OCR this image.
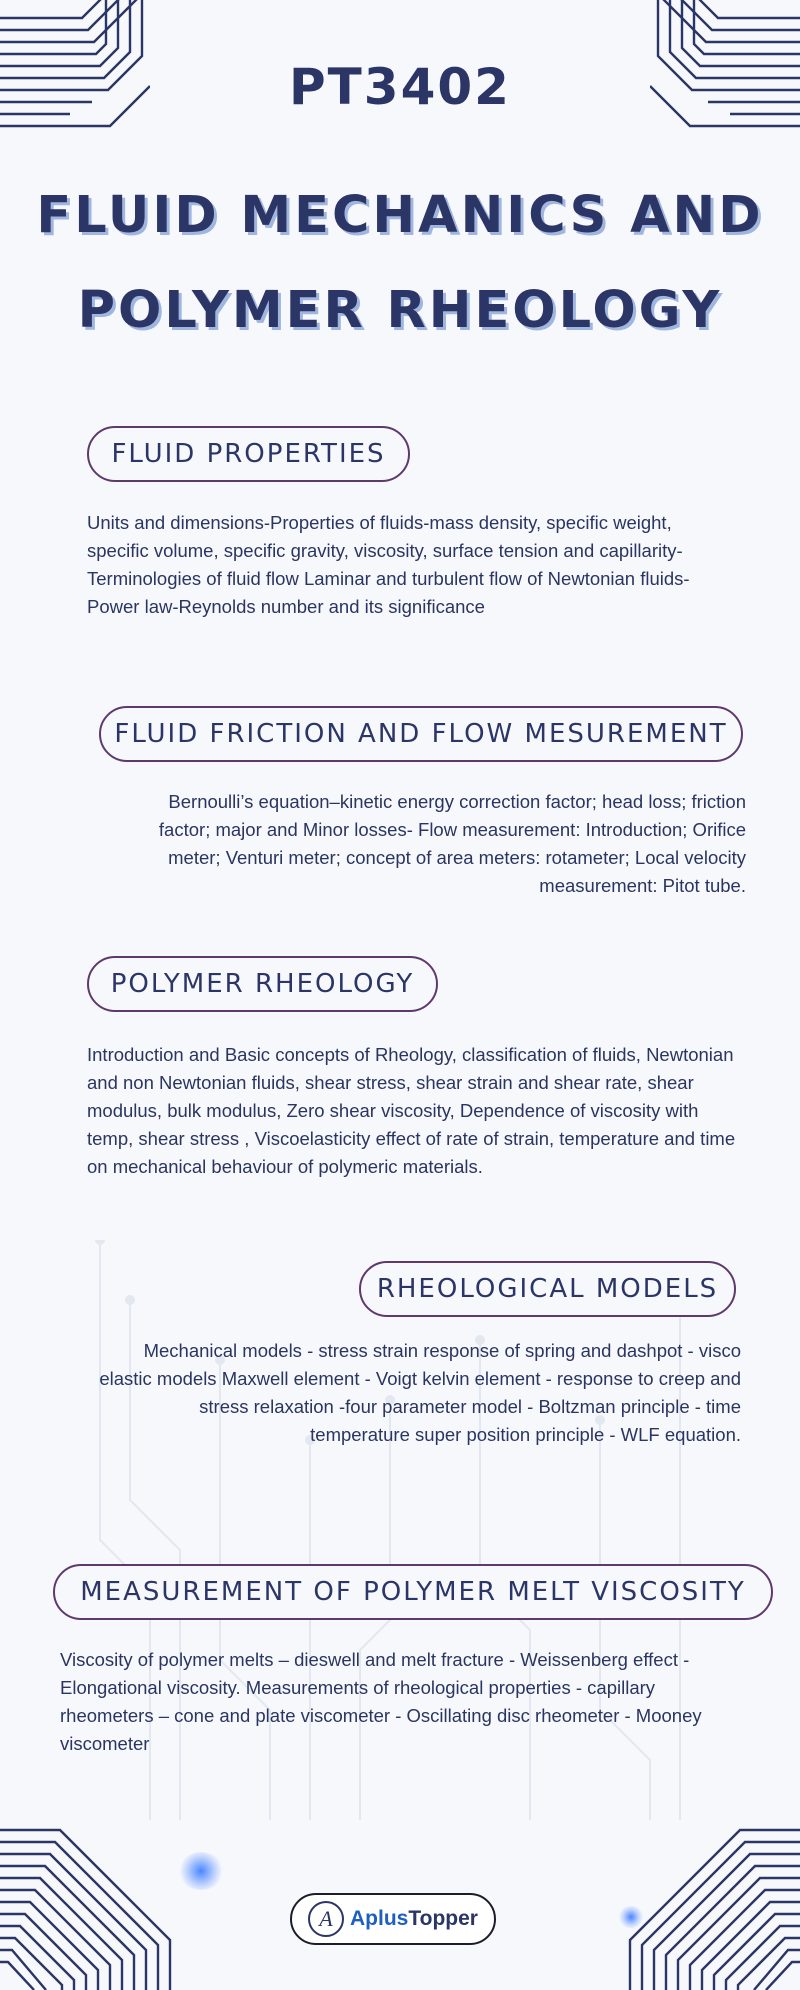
PT3402
FLUID MECHANICS AND
POLYMER RHEOLOGY
FLUID PROPERTIES

Units and dimensions-Properties of fluids-mass density, specific weight, specific volume, specific gravity, viscosity, surface tension and capillarity-Terminologies of fluid flow Laminar and turbulent flow of Newtonian fluids-Power law-Reynolds number and its significance

FLUID FRICTION AND FLOW MESUREMENT

Bernoulli’s equation–kinetic energy correction factor; head loss; friction factor; major and Minor losses- Flow measurement: Introduction; Orifice meter; Venturi meter; concept of area meters: rotameter; Local velocity measurement: Pitot tube.

POLYMER RHEOLOGY

Introduction and Basic concepts of Rheology, classification of fluids, Newtonian and non Newtonian fluids, shear stress, shear strain and shear rate, shear modulus, bulk modulus, Zero shear viscosity, Dependence of viscosity with temp, shear stress , Viscoelasticity effect of rate of strain, temperature and time on mechanical behaviour of polymeric materials.

RHEOLOGICAL MODELS

Mechanical models - stress strain response of spring and dashpot - visco elastic models Maxwell element - Voigt kelvin element - response to creep and stress relaxation -four parameter model - Boltzman principle - time temperature super position principle - WLF equation.

MEASUREMENT OF POLYMER MELT VISCOSITY

Viscosity of polymer melts – dieswell and melt fracture - Weissenberg effect - Elongational viscosity. Measurements of rheological properties - capillary rheometers – cone and plate viscometer - Oscillating disc rheometer - Mooney viscometer

A AplusTopper
